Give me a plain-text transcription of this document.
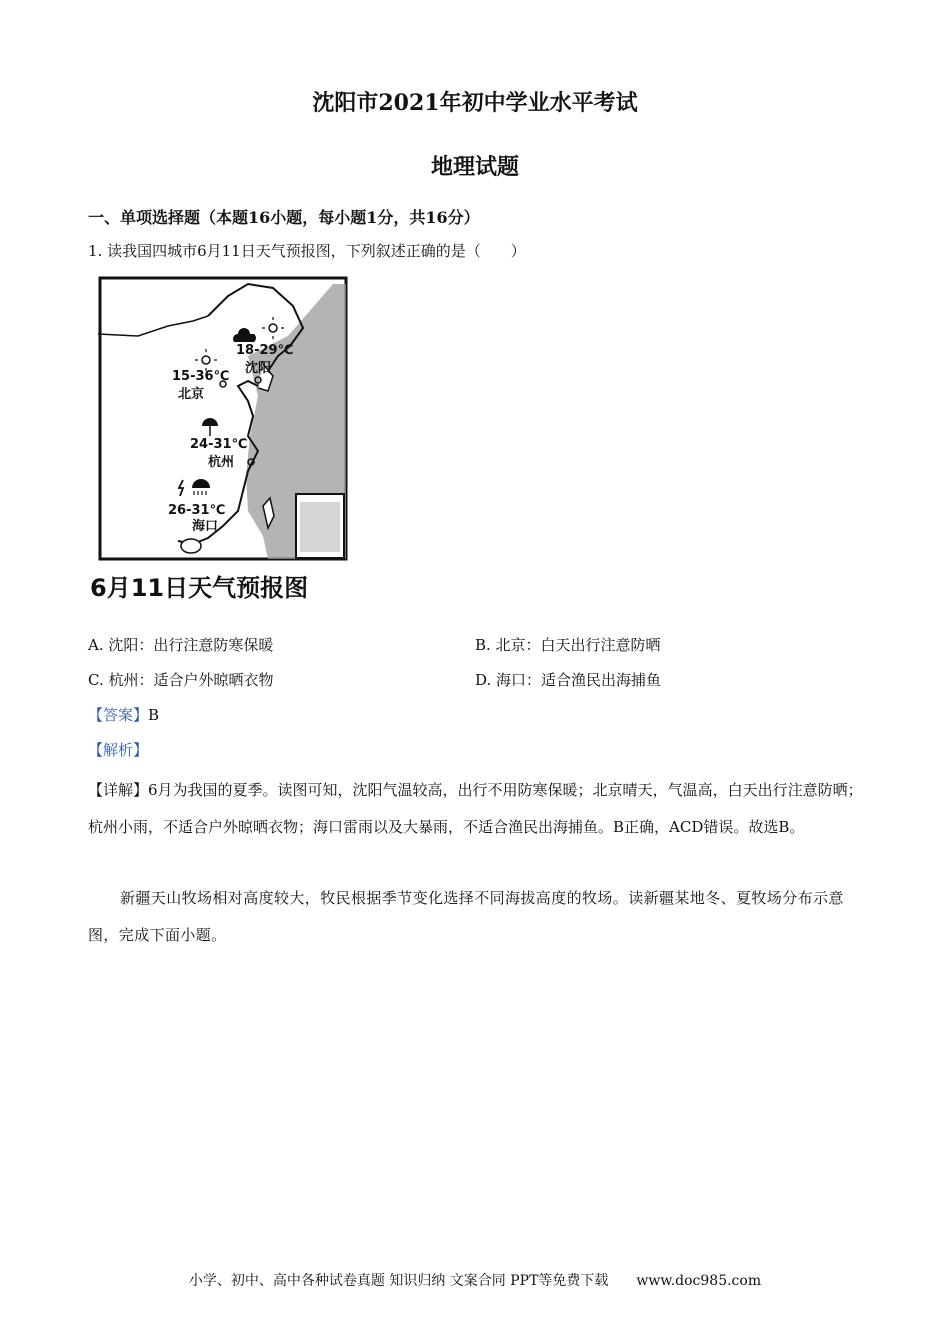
沈阳市2021年初中学业水平考试
地理试题
一、单项选择题（本题16小题，每小题1分，共16分）
1. 读我国四城市6月11日天气预报图，下列叙述正确的是（　　）
18-29℃
沈阳
15-36℃
北京
24-31℃
杭州
26-31℃
海口
6月11日天气预报图
A. 沈阳：出行注意防寒保暖	B. 北京：白天出行注意防晒
C. 杭州：适合户外晾晒衣物	D. 海口：适合渔民出海捕鱼
【答案】B
【解析】
【详解】6月为我国的夏季。读图可知，沈阳气温较高，出行不用防寒保暖；北京晴天，气温高，白天出行注意防晒；杭州小雨，不适合户外晾晒衣物；海口雷雨以及大暴雨，不适合渔民出海捕鱼。B正确，ACD错误。故选B。
新疆天山牧场相对高度较大，牧民根据季节变化选择不同海拔高度的牧场。读新疆某地冬、夏牧场分布示意图，完成下面小题。
小学、初中、高中各种试卷真题 知识归纳 文案合同 PPT等免费下载　　www.doc985.com
